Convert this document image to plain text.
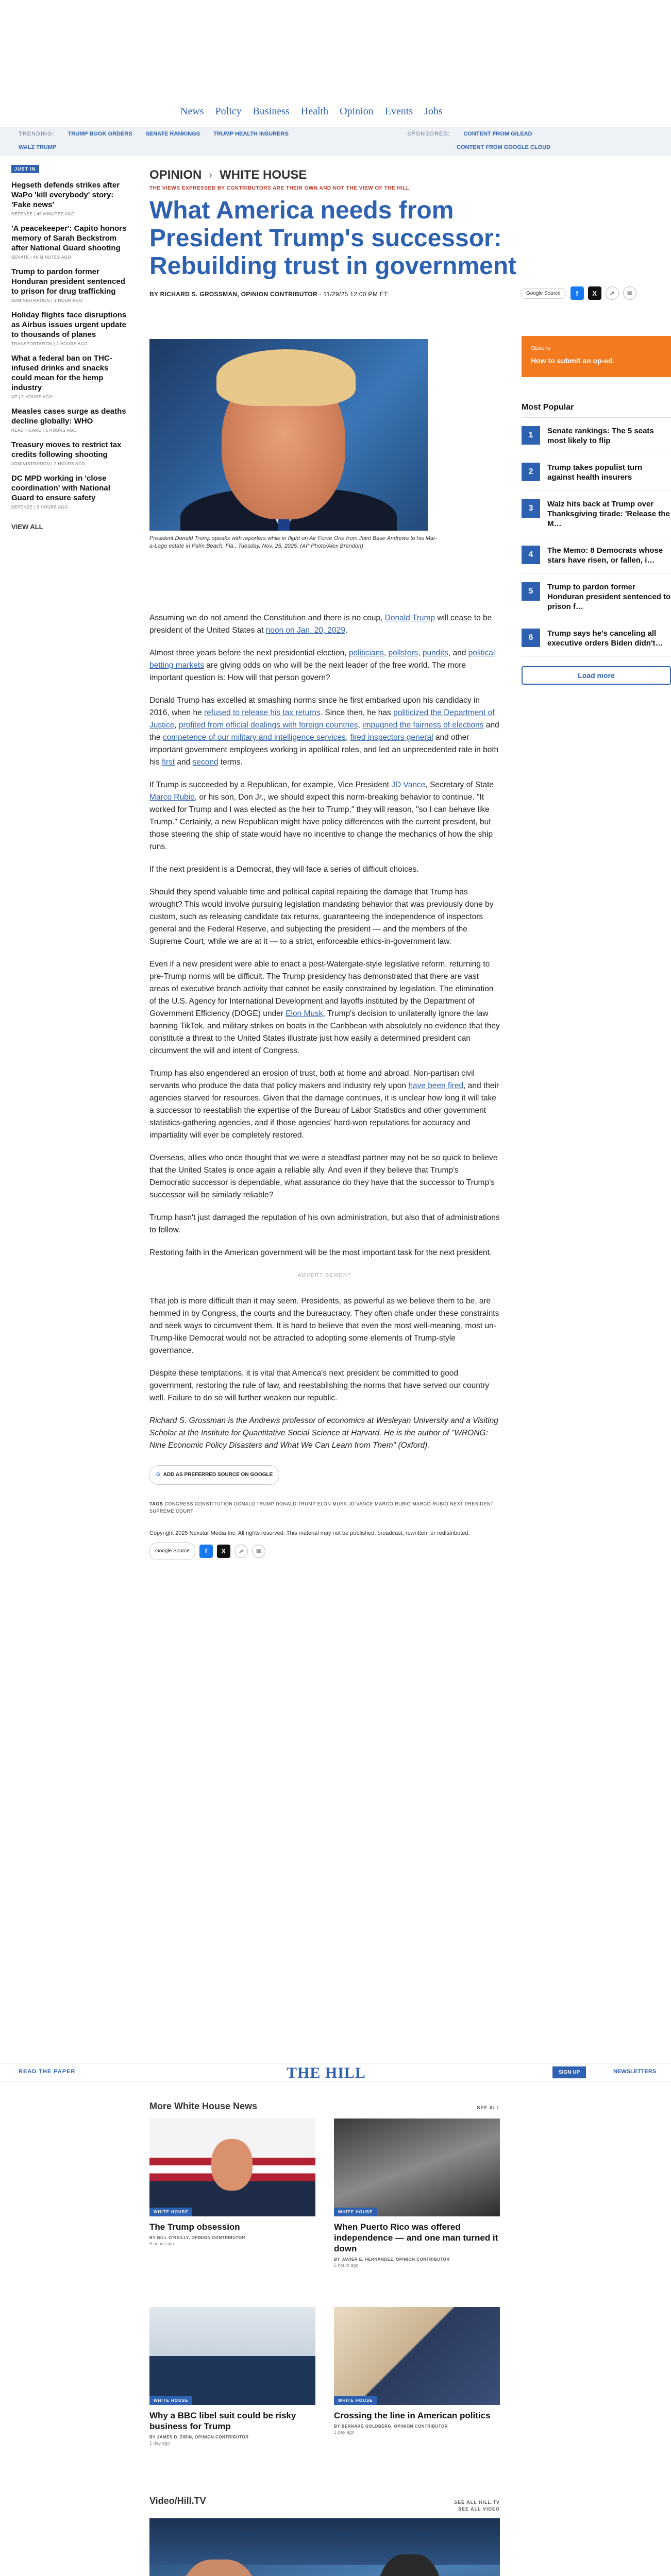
News Policy Business Health Opinion Events Jobs
TRENDING: TRUMP BOOK ORDERS SENATE RANKINGS TRUMP HEALTH INSURERS
WALZ TRUMP
SPONSORED: CONTENT FROM GILEAD
CONTENT FROM GOOGLE CLOUD
JUST IN
Hegseth defends strikes after WaPo 'kill everybody' story: 'Fake news'
DEFENSE | 45 MINUTES AGO
'A peacekeeper': Capito honors memory of Sarah Beckstrom after National Guard shooting
SENATE | 46 MINUTES AGO
Trump to pardon former Honduran president sentenced to prison for drug trafficking
ADMINISTRATION | 1 HOUR AGO
Holiday flights face disruptions as Airbus issues urgent update to thousands of planes
TRANSPORTATION | 2 HOURS AGO
What a federal ban on THC-infused drinks and snacks could mean for the hemp industry
AP | 2 HOURS AGO
Measles cases surge as deaths decline globally: WHO
HEALTHCARE | 2 HOURS AGO
Treasury moves to restrict tax credits following shooting
ADMINISTRATION | 2 HOURS AGO
DC MPD working in 'close coordination' with National Guard to ensure safety
DEFENSE | 2 HOURS AGO
VIEW ALL
OPINION › WHITE HOUSE
THE VIEWS EXPRESSED BY CONTRIBUTORS ARE THEIR OWN AND NOT THE VIEW OF THE HILL
What America needs from President Trump's successor: Rebuilding trust in government
BY RICHARD S. GROSSMAN, OPINION CONTRIBUTOR - 11/29/25 12:00 PM ET	Google Source	f	X	⇗	✉
President Donald Trump speaks with reporters while in flight on Air Force One from Joint Base Andrews to his Mar-a-Lago estate in Palm Beach, Fla., Tuesday, Nov. 25, 2025. (AP Photo/Alex Brandon)
Options
How to submit an op-ed.
Most Popular
1	Senate rankings: The 5 seats most likely to flip
2	Trump takes populist turn against health insurers
3	Walz hits back at Trump over Thanksgiving tirade: 'Release the M…
4	The Memo: 8 Democrats whose stars have risen, or fallen, i…
5	Trump to pardon former Honduran president sentenced to prison f…
6	Trump says he's canceling all executive orders Biden didn't…
Load more

Assuming we do not amend the Constitution and there is no coup, Donald Trump will cease to be president of the United States at noon on Jan. 20, 2029.

Almost three years before the next presidential election, politicians, pollsters, pundits, and political betting markets are giving odds on who will be the next leader of the free world. The more important question is: How will that person govern?

Donald Trump has excelled at smashing norms since he first embarked upon his candidacy in 2016, when he refused to release his tax returns. Since then, he has politicized the Department of Justice, profited from official dealings with foreign countries, impugned the fairness of elections and the competence of our military and intelligence services, fired inspectors general and other important government employees working in apolitical roles, and led an unprecedented rate in both his first and second terms.

If Trump is succeeded by a Republican, for example, Vice President JD Vance, Secretary of State Marco Rubio, or his son, Don Jr., we should expect this norm-breaking behavior to continue. "It worked for Trump and I was elected as the heir to Trump," they will reason, "so I can behave like Trump." Certainly, a new Republican might have policy differences with the current president, but those steering the ship of state would have no incentive to change the mechanics of how the ship runs.

If the next president is a Democrat, they will face a series of difficult choices.

Should they spend valuable time and political capital repairing the damage that Trump has wrought? This would involve pursuing legislation mandating behavior that was previously done by custom, such as releasing candidate tax returns, guaranteeing the independence of inspectors general and the Federal Reserve, and subjecting the president — and the members of the Supreme Court, while we are at it — to a strict, enforceable ethics-in-government law.

Even if a new president were able to enact a post-Watergate-style legislative reform, returning to pre-Trump norms will be difficult. The Trump presidency has demonstrated that there are vast areas of executive branch activity that cannot be easily constrained by legislation. The elimination of the U.S. Agency for International Development and layoffs instituted by the Department of Government Efficiency (DOGE) under Elon Musk, Trump's decision to unilaterally ignore the law banning TikTok, and military strikes on boats in the Caribbean with absolutely no evidence that they constitute a threat to the United States illustrate just how easily a determined president can circumvent the will and intent of Congress.

Trump has also engendered an erosion of trust, both at home and abroad. Non-partisan civil servants who produce the data that policy makers and industry rely upon have been fired, and their agencies starved for resources. Given that the damage continues, it is unclear how long it will take a successor to reestablish the expertise of the Bureau of Labor Statistics and other government statistics-gathering agencies, and if those agencies' hard-won reputations for accuracy and impartiality will ever be completely restored.

Overseas, allies who once thought that we were a steadfast partner may not be so quick to believe that the United States is once again a reliable ally. And even if they believe that Trump's Democratic successor is dependable, what assurance do they have that the successor to Trump's successor will be similarly reliable?

Trump hasn't just damaged the reputation of his own administration, but also that of administrations to follow.

Restoring faith in the American government will be the most important task for the next president.

ADVERTISEMENT

That job is more difficult than it may seem. Presidents, as powerful as we believe them to be, are hemmed in by Congress, the courts and the bureaucracy. They often chafe under these constraints and seek ways to circumvent them. It is hard to believe that even the most well-meaning, most un-Trump-like Democrat would not be attracted to adopting some elements of Trump-style governance.

Despite these temptations, it is vital that America's next president be committed to good government, restoring the rule of law, and reestablishing the norms that have served our country well. Failure to do so will further weaken our republic.

Richard S. Grossman is the Andrews professor of economics at Wesleyan University and a Visiting Scholar at the Institute for Quantitative Social Science at Harvard. He is the author of "WRONG: Nine Economic Policy Disasters and What We Can Learn from Them" (Oxford).

G ADD AS PREFERRED SOURCE ON GOOGLE
TAGS CONGRESS CONSTITUTION DONALD TRUMP DONALD TRUMP ELON MUSK JD VANCE MARCO RUBIO MARCO RUBIO NEXT PRESIDENT SUPREME COURT
Copyright 2025 Nexstar Media Inc. All rights reserved. This material may not be published, broadcast, rewritten, or redistributed.
Google Source	f	X	⇗	✉
READ THE PAPER	THE HILL	SIGN UP	NEWSLETTERS
More White House News	SEE ALL
WHITE HOUSE
The Trump obsession
BY BILL O'REILLY, OPINION CONTRIBUTOR
6 hours ago
WHITE HOUSE
When Puerto Rico was offered independence — and one man turned it down
BY JAVIER E. HERNANDEZ, OPINION CONTRIBUTOR
6 hours ago
WHITE HOUSE
Why a BBC libel suit could be risky business for Trump
BY JAMES D. ZIRIN, OPINION CONTRIBUTOR
1 day ago
WHITE HOUSE
Crossing the line in American politics
BY BERNARD GOLDBERG, OPINION CONTRIBUTOR
1 day ago
Video/Hill.TV	SEE ALL HILL.TV
SEE ALL VIDEO
